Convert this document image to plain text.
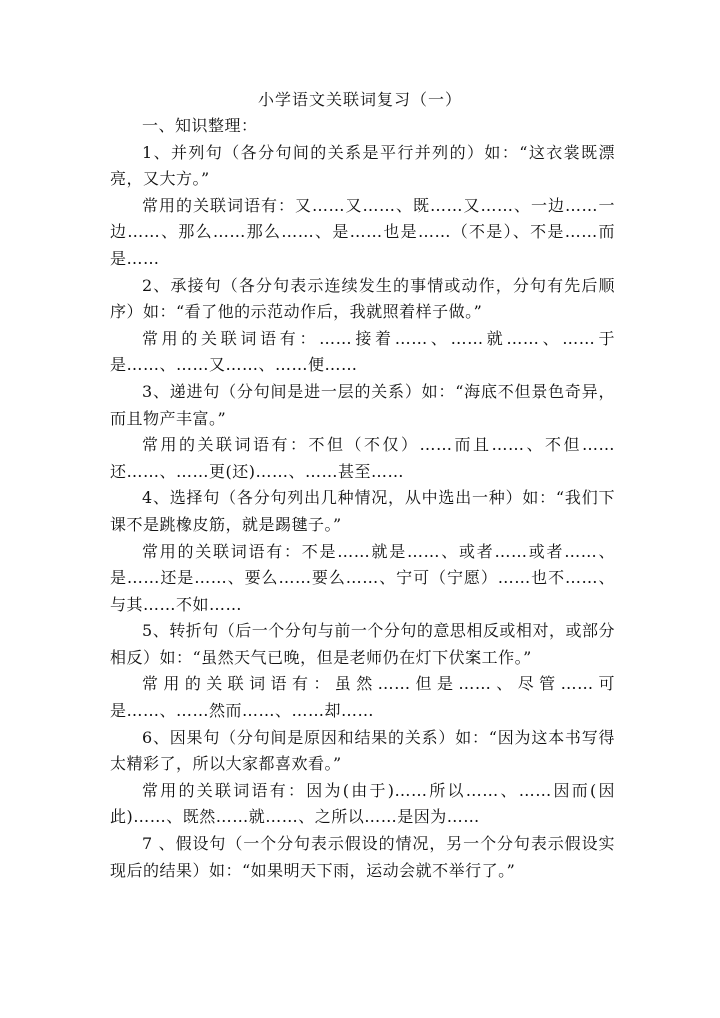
小学语文关联词复习（一）

一、知识整理：

1、并列句（各分句间的关系是平行并列的）如：“这衣裳既漂亮，又大方。”

常用的关联词语有：又……又……、既……又……、一边……一边……、那么……那么……、是……也是……（不是）、不是……而是……

2、承接句（各分句表示连续发生的事情或动作，分句有先后顺序）如：“看了他的示范动作后，我就照着样子做。”

常用的关联词语有：……接着……、……就……、……于是……、……又……、……便……

3、递进句（分句间是进一层的关系）如：“海底不但景色奇异，而且物产丰富。”

常用的关联词语有：不但（不仅）……而且……、不但……还……、……更(还)……、……甚至……

4、选择句（各分句列出几种情况，从中选出一种）如：“我们下课不是跳橡皮筋，就是踢毽子。”

常用的关联词语有：不是……就是……、或者……或者……、是……还是……、要么……要么……、宁可（宁愿）……也不……、与其……不如……

5、转折句（后一个分句与前一个分句的意思相反或相对，或部分相反）如：“虽然天气已晚，但是老师仍在灯下伏案工作。”

常用的关联词语有：虽然……但是……、尽管……可是……、……然而……、……却……

6、因果句（分句间是原因和结果的关系）如：“因为这本书写得太精彩了，所以大家都喜欢看。”

常用的关联词语有：因为(由于)……所以……、……因而(因此)……、既然……就……、之所以……是因为……

7 、假设句（一个分句表示假设的情况，另一个分句表示假设实现后的结果）如：“如果明天下雨，运动会就不举行了。”
